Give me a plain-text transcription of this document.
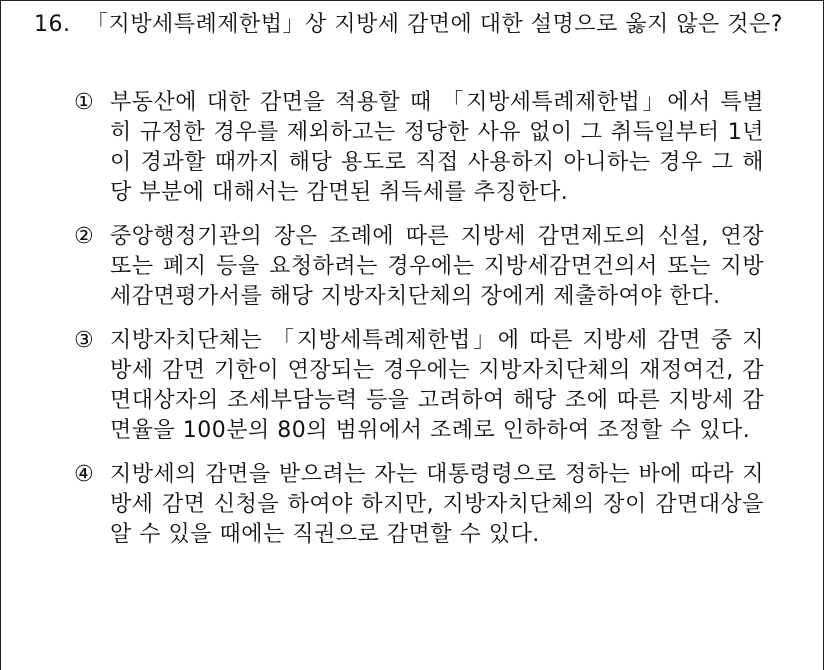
16. 「지방세특례제한법」상 지방세 감면에 대한 설명으로 옳지 않은 것은?
① 부동산에 대한 감면을 적용할 때 「지방세특례제한법」에서 특별히 규정한 경우를 제외하고는 정당한 사유 없이 그 취득일부터 1년이 경과할 때까지 해당 용도로 직접 사용하지 아니하는 경우 그 해당 부분에 대해서는 감면된 취득세를 추징한다.
② 중앙행정기관의 장은 조례에 따른 지방세 감면제도의 신설, 연장 또는 폐지 등을 요청하려는 경우에는 지방세감면건의서 또는 지방세감면평가서를 해당 지방자치단체의 장에게 제출하여야 한다.
③ 지방자치단체는 「지방세특례제한법」에 따른 지방세 감면 중 지방세 감면 기한이 연장되는 경우에는 지방자치단체의 재정여건, 감면대상자의 조세부담능력 등을 고려하여 해당 조에 따른 지방세 감면율을 100분의 80의 범위에서 조례로 인하하여 조정할 수 있다.
④ 지방세의 감면을 받으려는 자는 대통령령으로 정하는 바에 따라 지방세 감면 신청을 하여야 하지만, 지방자치단체의 장이 감면대상을 알 수 있을 때에는 직권으로 감면할 수 있다.
